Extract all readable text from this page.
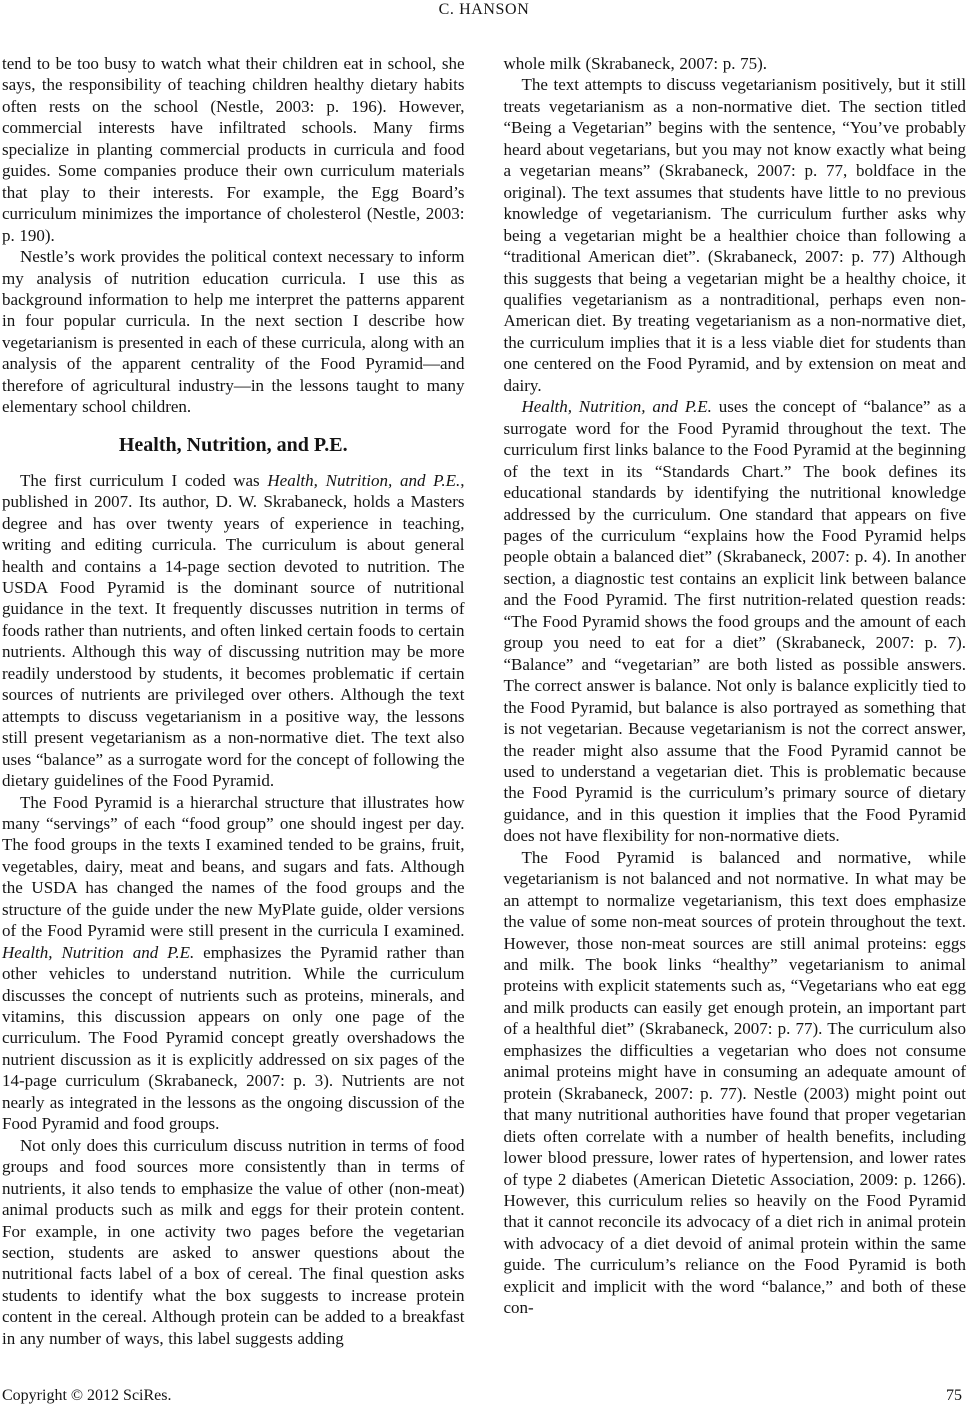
C. HANSON

tend to be too busy to watch what their children eat in school, she says, the responsibility of teaching children healthy dietary habits often rests on the school (Nestle, 2003: p. 196). However, commercial interests have infiltrated schools. Many firms specialize in planting commercial products in curricula and food guides. Some companies produce their own curriculum materials that play to their interests. For example, the Egg Board’s curriculum minimizes the importance of cholesterol (Nestle, 2003: p. 190).

Nestle’s work provides the political context necessary to inform my analysis of nutrition education curricula. I use this as background information to help me interpret the patterns apparent in four popular curricula. In the next section I describe how vegetarianism is presented in each of these curricula, along with an analysis of the apparent centrality of the Food Pyramid—and therefore of agricultural industry—in the lessons taught to many elementary school children.

Health, Nutrition, and P.E.

The first curriculum I coded was Health, Nutrition, and P.E., published in 2007. Its author, D. W. Skrabaneck, holds a Masters degree and has over twenty years of experience in teaching, writing and editing curricula. The curriculum is about general health and contains a 14-page section devoted to nutrition. The USDA Food Pyramid is the dominant source of nutritional guidance in the text. It frequently discusses nutrition in terms of foods rather than nutrients, and often linked certain foods to certain nutrients. Although this way of discussing nutrition may be more readily understood by students, it becomes problematic if certain sources of nutrients are privileged over others. Although the text attempts to discuss vegetarianism in a positive way, the lessons still present vegetarianism as a non-normative diet. The text also uses “balance” as a surrogate word for the concept of following the dietary guidelines of the Food Pyramid.

The Food Pyramid is a hierarchal structure that illustrates how many “servings” of each “food group” one should ingest per day. The food groups in the texts I examined tended to be grains, fruit, vegetables, dairy, meat and beans, and sugars and fats. Although the USDA has changed the names of the food groups and the structure of the guide under the new MyPlate guide, older versions of the Food Pyramid were still present in the curricula I examined. Health, Nutrition and P.E. emphasizes the Pyramid rather than other vehicles to understand nutrition. While the curriculum discusses the concept of nutrients such as proteins, minerals, and vitamins, this discussion appears on only one page of the curriculum. The Food Pyramid concept greatly overshadows the nutrient discussion as it is explicitly addressed on six pages of the 14-page curriculum (Skrabaneck, 2007: p. 3). Nutrients are not nearly as integrated in the lessons as the ongoing discussion of the Food Pyramid and food groups.

Not only does this curriculum discuss nutrition in terms of food groups and food sources more consistently than in terms of nutrients, it also tends to emphasize the value of other (non-meat) animal products such as milk and eggs for their protein content. For example, in one activity two pages before the vegetarian section, students are asked to answer questions about the nutritional facts label of a box of cereal. The final question asks students to identify what the box suggests to increase protein content in the cereal. Although protein can be added to a breakfast in any number of ways, this label suggests adding

whole milk (Skrabaneck, 2007: p. 75).

The text attempts to discuss vegetarianism positively, but it still treats vegetarianism as a non-normative diet. The section titled “Being a Vegetarian” begins with the sentence, “You’ve probably heard about vegetarians, but you may not know exactly what being a vegetarian means” (Skrabaneck, 2007: p. 77, boldface in the original). The text assumes that students have little to no previous knowledge of vegetarianism. The curriculum further asks why being a vegetarian might be a healthier choice than following a “traditional American diet”. (Skrabaneck, 2007: p. 77) Although this suggests that being a vegetarian might be a healthy choice, it qualifies vegetarianism as a nontraditional, perhaps even non-American diet. By treating vegetarianism as a non-normative diet, the curriculum implies that it is a less viable diet for students than one centered on the Food Pyramid, and by extension on meat and dairy.

Health, Nutrition, and P.E. uses the concept of “balance” as a surrogate word for the Food Pyramid throughout the text. The curriculum first links balance to the Food Pyramid at the beginning of the text in its “Standards Chart.” The book defines its educational standards by identifying the nutritional knowledge addressed by the curriculum. One standard that appears on five pages of the curriculum “explains how the Food Pyramid helps people obtain a balanced diet” (Skrabaneck, 2007: p. 4). In another section, a diagnostic test contains an explicit link between balance and the Food Pyramid. The first nutrition-related question reads: “The Food Pyramid shows the food groups and the amount of each group you need to eat for a diet” (Skrabaneck, 2007: p. 7). “Balance” and “vegetarian” are both listed as possible answers. The correct answer is balance. Not only is balance explicitly tied to the Food Pyramid, but balance is also portrayed as something that is not vegetarian. Because vegetarianism is not the correct answer, the reader might also assume that the Food Pyramid cannot be used to understand a vegetarian diet. This is problematic because the Food Pyramid is the curriculum’s primary source of dietary guidance, and in this question it implies that the Food Pyramid does not have flexibility for non-normative diets.

The Food Pyramid is balanced and normative, while vegetarianism is not balanced and not normative. In what may be an attempt to normalize vegetarianism, this text does emphasize the value of some non-meat sources of protein throughout the text. However, those non-meat sources are still animal proteins: eggs and milk. The book links “healthy” vegetarianism to animal proteins with explicit statements such as, “Vegetarians who eat egg and milk products can easily get enough protein, an important part of a healthful diet” (Skrabaneck, 2007: p. 77). The curriculum also emphasizes the difficulties a vegetarian who does not consume animal proteins might have in consuming an adequate amount of protein (Skrabaneck, 2007: p. 77). Nestle (2003) might point out that many nutritional authorities have found that proper vegetarian diets often correlate with a number of health benefits, including lower blood pressure, lower rates of hypertension, and lower rates of type 2 diabetes (American Dietetic Association, 2009: p. 1266). However, this curriculum relies so heavily on the Food Pyramid that it cannot reconcile its advocacy of a diet rich in animal protein with advocacy of a diet devoid of animal protein within the same guide. The curriculum’s reliance on the Food Pyramid is both explicit and implicit with the word “balance,” and both of these con-

Copyright © 2012 SciRes.	75
